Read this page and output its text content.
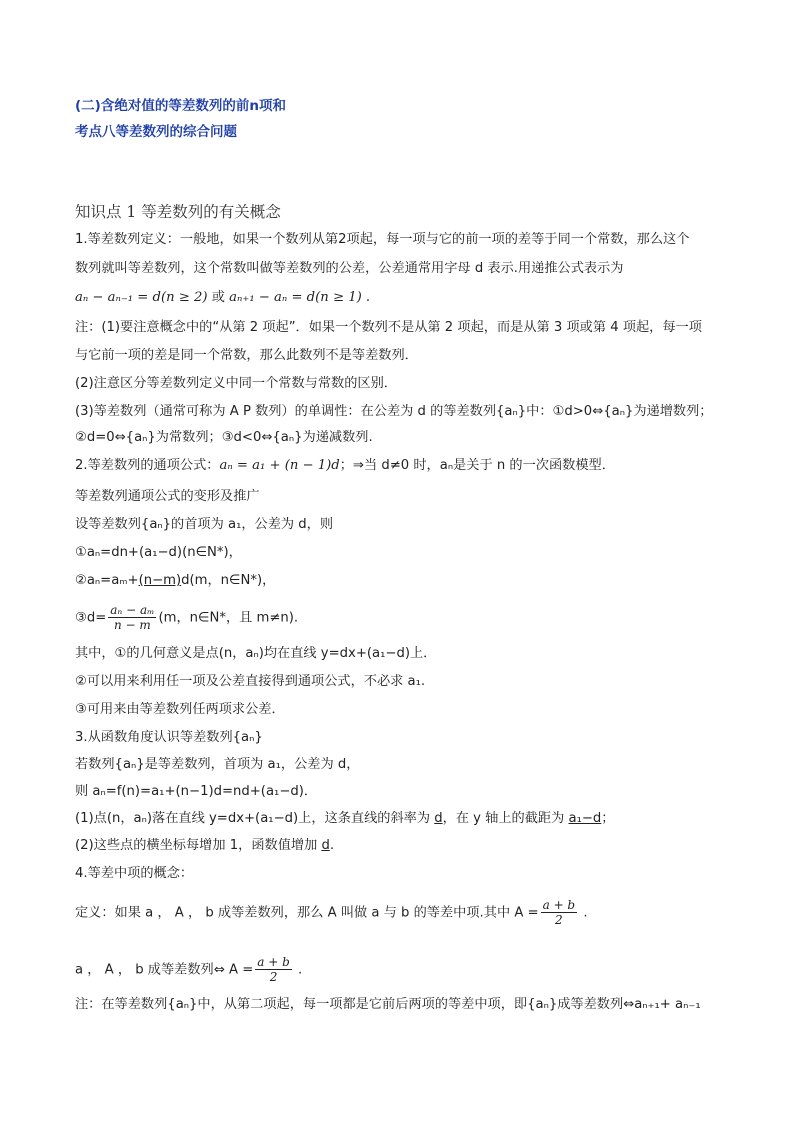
(二)含绝对值的等差数列的前n项和
考点八等差数列的综合问题
知识点 1 等差数列的有关概念
1.等差数列定义：一般地，如果一个数列从第2项起，每一项与它的前一项的差等于同一个常数，那么这个
数列就叫等差数列，这个常数叫做等差数列的公差，公差通常用字母 d 表示.用递推公式表示为
aₙ − aₙ₋₁ = d(n ≥ 2) 或 aₙ₊₁ − aₙ = d(n ≥ 1) .
注：(1)要注意概念中的“从第 2 项起”．如果一个数列不是从第 2 项起，而是从第 3 项或第 4 项起，每一项
与它前一项的差是同一个常数，那么此数列不是等差数列．
(2)注意区分等差数列定义中同一个常数与常数的区别．
(3)等差数列（通常可称为 A P 数列）的单调性：在公差为 d 的等差数列{aₙ}中：①d>0⇔{aₙ}为递增数列；
②d=0⇔{aₙ}为常数列；③d<0⇔{aₙ}为递减数列.
2.等差数列的通项公式：aₙ = a₁ + (n − 1)d；⇒当 d≠0 时，aₙ是关于 n 的一次函数模型．
等差数列通项公式的变形及推广
设等差数列{aₙ}的首项为 a₁，公差为 d，则
①aₙ=dn+(a₁−d)(n∈N*)，
②aₙ=aₘ+(n−m)d(m，n∈N*)，
③d= $\frac{\text{aₙ − aₘ}}{n - m} (m$，n∈N*，且 m≠n).
其中，①的几何意义是点(n，aₙ)均在直线 y=dx+(a₁−d)上．
②可以用来利用任一项及公差直接得到通项公式，不必求 a₁.
③可用来由等差数列任两项求公差．
3.从函数角度认识等差数列{aₙ}
若数列{aₙ}是等差数列，首项为 a₁，公差为 d，
则 aₙ=f(n)=a₁+(n−1)d=nd+(a₁−d)．
(1)点(n，aₙ)落在直线 y=dx+(a₁−d)上，这条直线的斜率为 d，在 y 轴上的截距为 a₁−d；
(2)这些点的横坐标每增加 1，函数值增加 d.
4.等差中项的概念：
定义：如果 a ， A ， b 成等差数列，那么 A 叫做 a 与 b 的等差中项.其中 $A = \frac{a + b}{2}$ .
a ， A ， b 成等差数列⇔ $A = \frac{a + b}{2}$ .
注：在等差数列{aₙ}中，从第二项起，每一项都是它前后两项的等差中项，即{aₙ}成等差数列⇔aₙ₊₁+ aₙ₋₁
